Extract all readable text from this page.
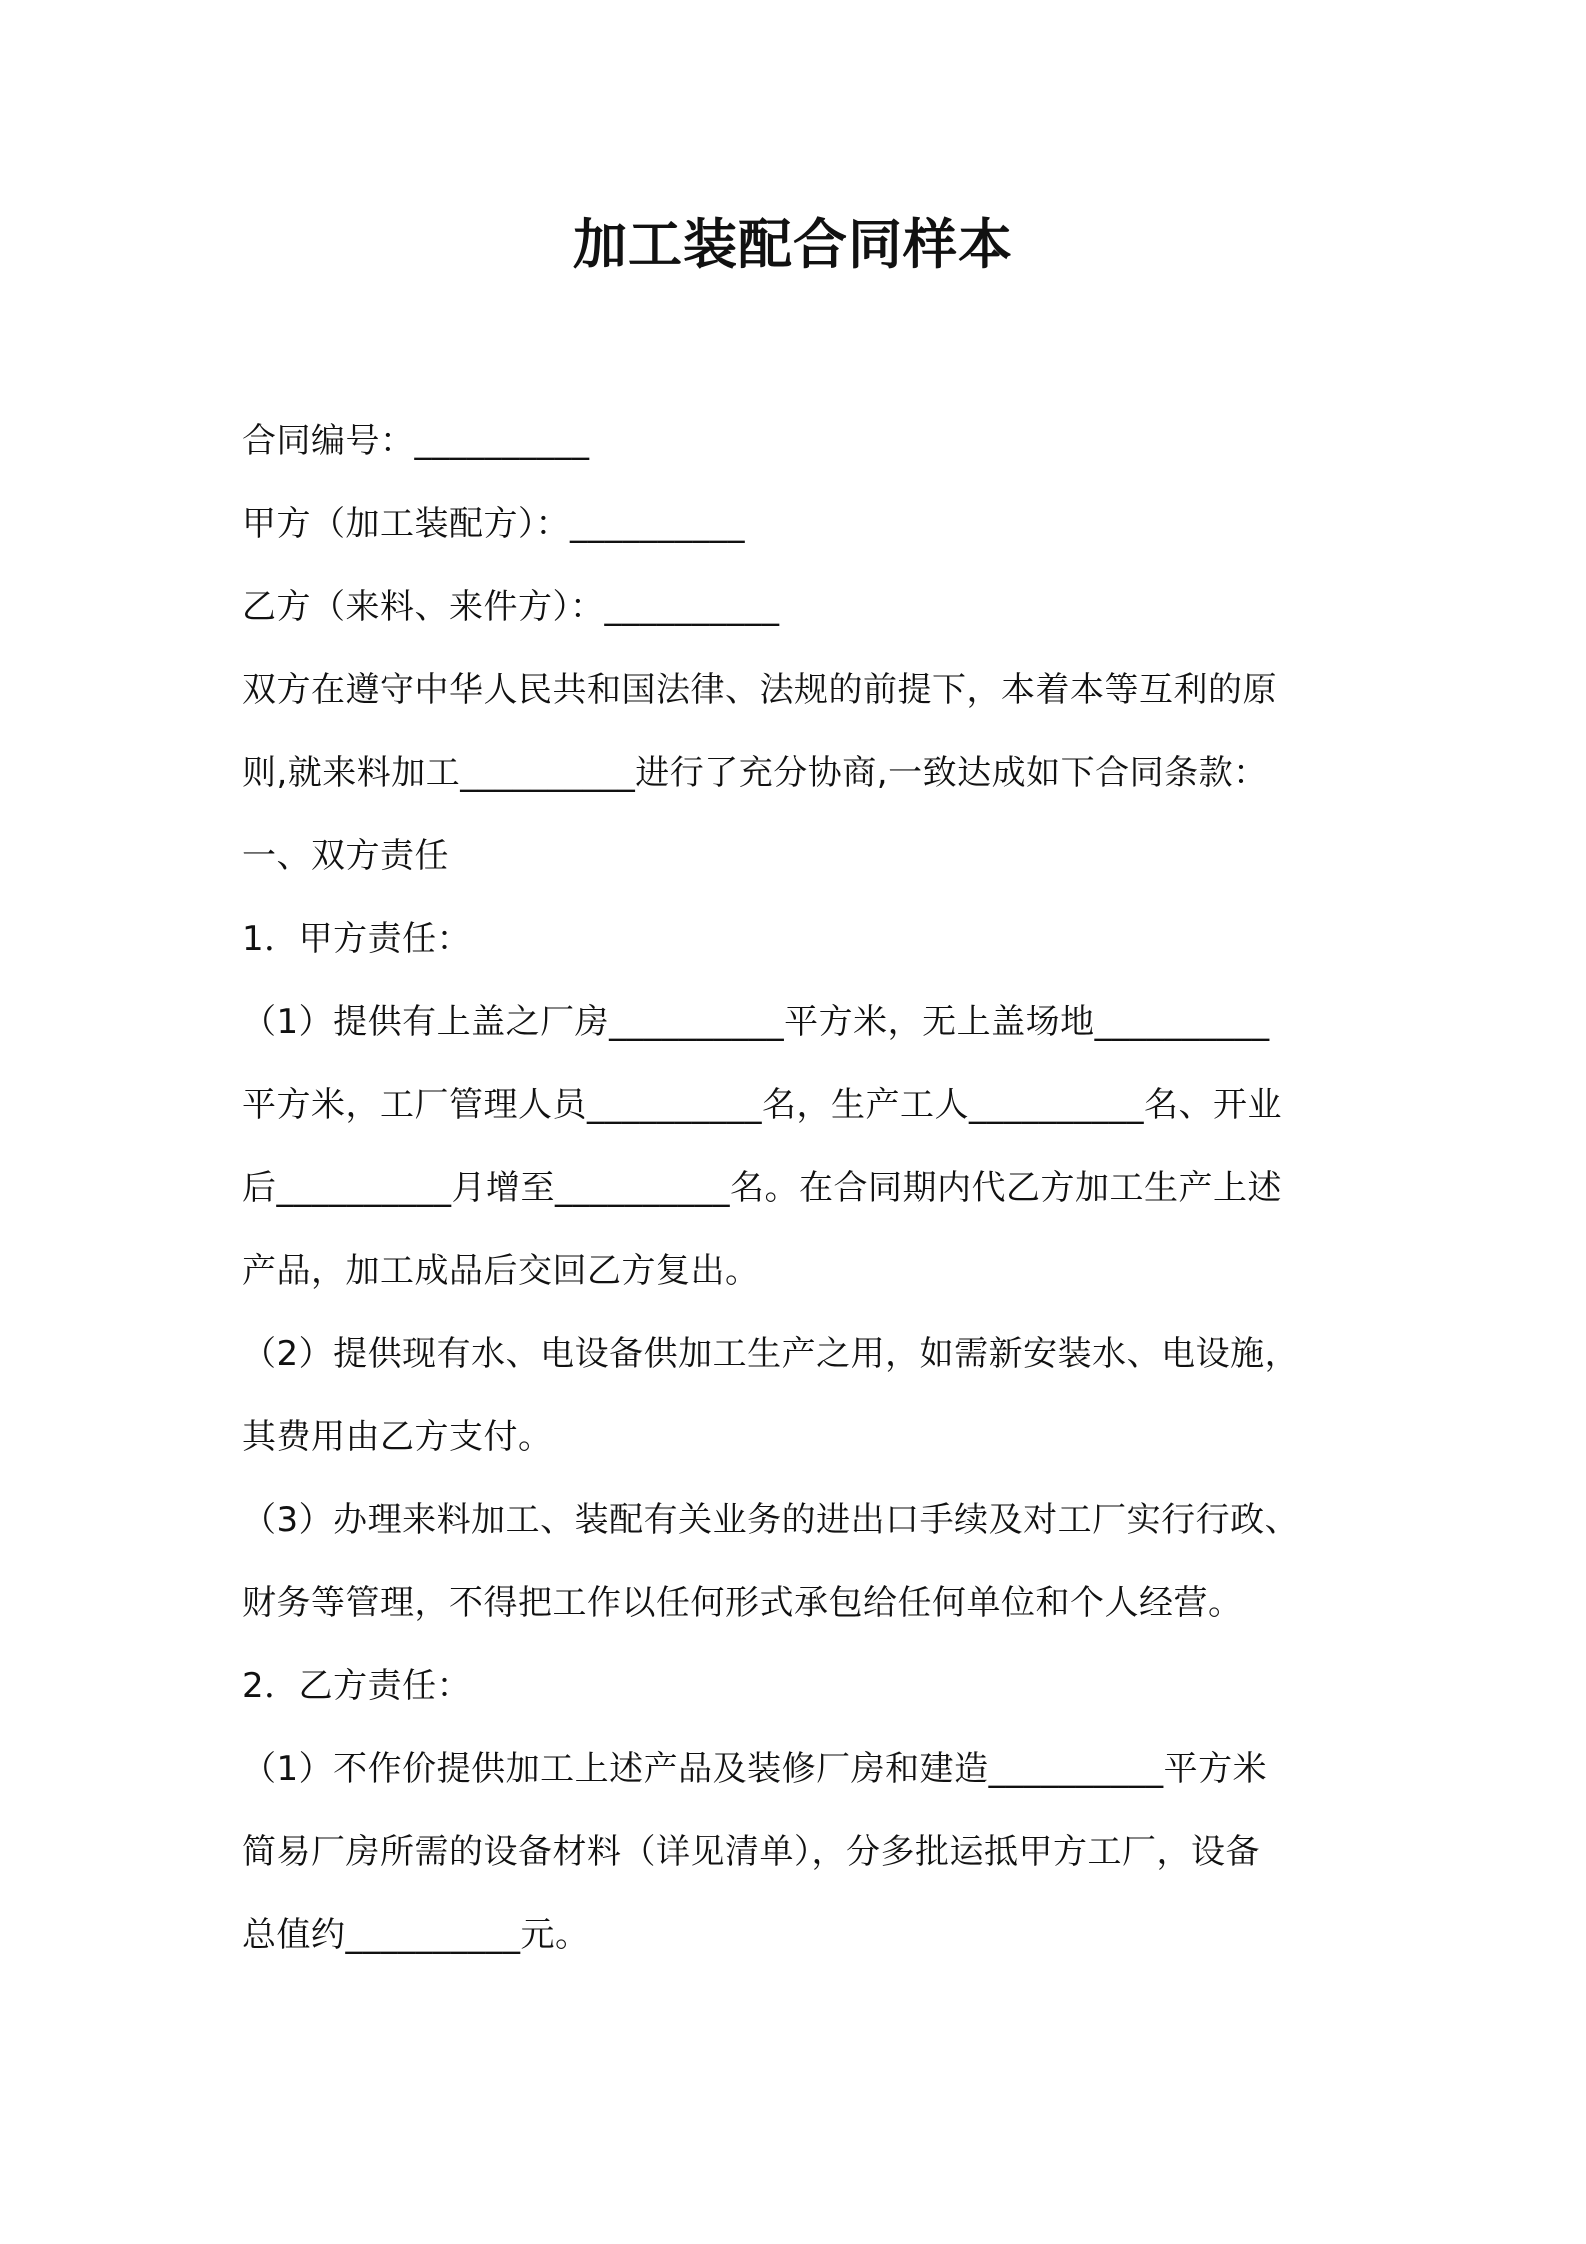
加工装配合同样本
合同编号：__________
甲方（加工装配方）：__________
乙方（来料、来件方）：__________
双方在遵守中华人民共和国法律、法规的前提下，本着本等互利的原
则,就来料加工__________进行了充分协商,一致达成如下合同条款：
一、双方责任
1．甲方责任：
（1）提供有上盖之厂房__________平方米，无上盖场地__________
平方米，工厂管理人员__________名，生产工人__________名、开业
后__________月增至__________名。在合同期内代乙方加工生产上述
产品，加工成品后交回乙方复出。
（2）提供现有水、电设备供加工生产之用，如需新安装水、电设施，
其费用由乙方支付。
（3）办理来料加工、装配有关业务的进出口手续及对工厂实行行政、
财务等管理，不得把工作以任何形式承包给任何单位和个人经营。
2．乙方责任：
（1）不作价提供加工上述产品及装修厂房和建造__________平方米
简易厂房所需的设备材料（详见清单），分多批运抵甲方工厂，设备
总值约__________元。
